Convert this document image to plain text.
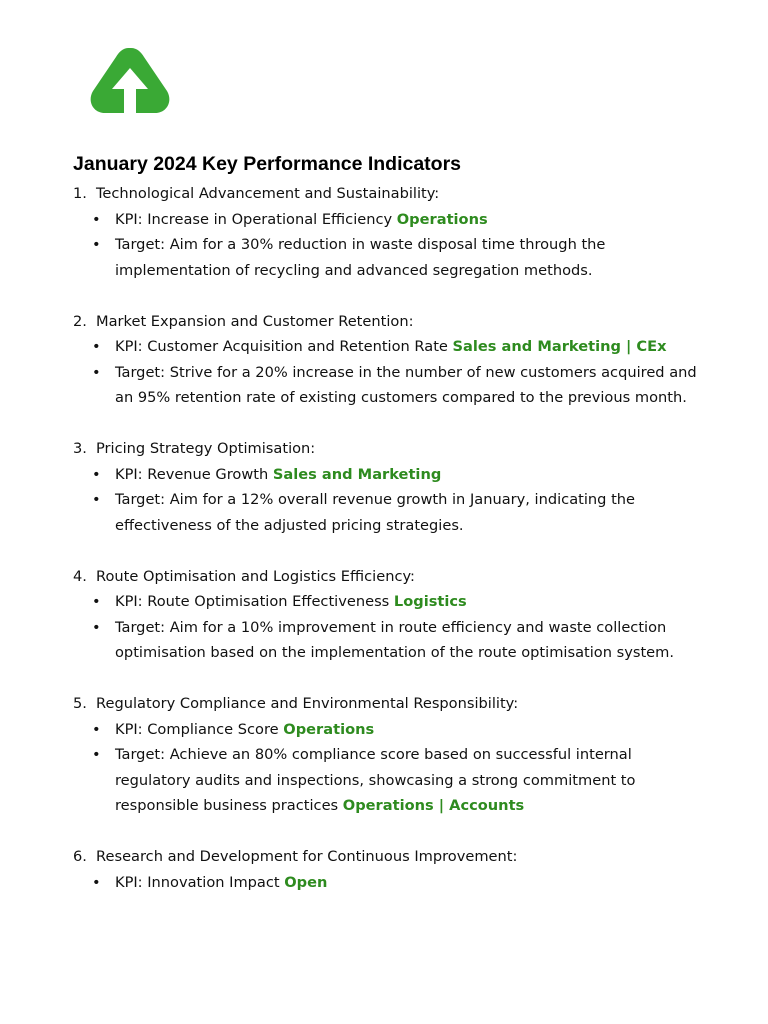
January 2024 Key Performance Indicators
1. Technological Advancement and Sustainability:
• KPI: Increase in Operational Efficiency Operations
• Target: Aim for a 30% reduction in waste disposal time through the implementation of recycling and advanced segregation methods.
2. Market Expansion and Customer Retention:
• KPI: Customer Acquisition and Retention Rate Sales and Marketing | CEx
• Target: Strive for a 20% increase in the number of new customers acquired and an 95% retention rate of existing customers compared to the previous month.
3. Pricing Strategy Optimisation:
• KPI: Revenue Growth Sales and Marketing
• Target: Aim for a 12% overall revenue growth in January, indicating the effectiveness of the adjusted pricing strategies.
4. Route Optimisation and Logistics Efficiency:
• KPI: Route Optimisation Effectiveness Logistics
• Target: Aim for a 10% improvement in route efficiency and waste collection optimisation based on the implementation of the route optimisation system.
5. Regulatory Compliance and Environmental Responsibility:
• KPI: Compliance Score Operations
• Target: Achieve an 80% compliance score based on successful internal regulatory audits and inspections, showcasing a strong commitment to responsible business practices Operations | Accounts
6. Research and Development for Continuous Improvement:
• KPI: Innovation Impact Open
